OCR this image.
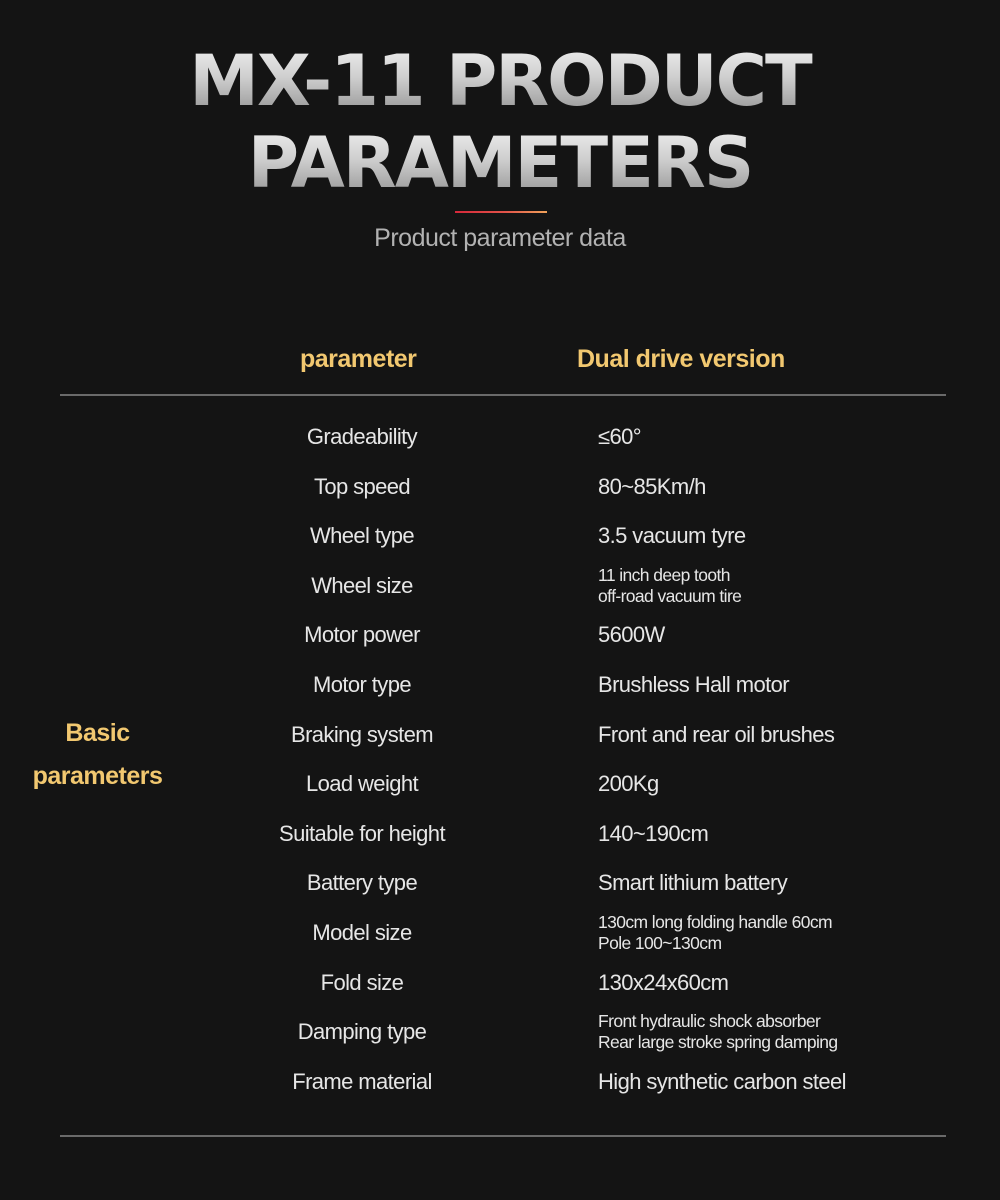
MX-11 PRODUCT
PARAMETERS
Product parameter data
parameter	Dual drive version
Basic
parameters
Gradeability	≤60°
Top speed	80~85Km/h
Wheel type	3.5 vacuum tyre
Wheel size	11 inch deep tooth
off-road vacuum tire
Motor power	5600W
Motor type	Brushless Hall motor
Braking system	Front and rear oil brushes
Load weight	200Kg
Suitable for height	140~190cm
Battery type	Smart lithium battery
Model size	130cm long folding handle 60cm
Pole 100~130cm
Fold size	130x24x60cm
Damping type	Front hydraulic shock absorber
Rear large stroke spring damping
Frame material	High synthetic carbon steel
